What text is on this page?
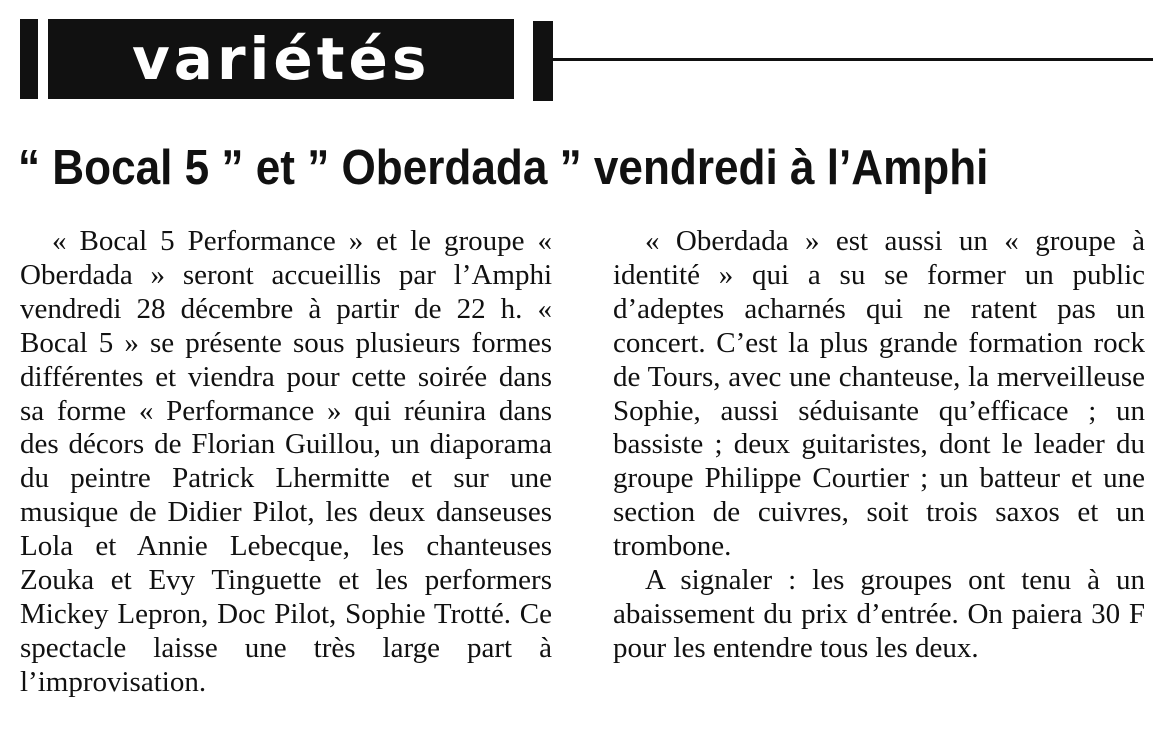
variétés
“ Bocal 5 ” et ” Oberdada ” vendredi à l’Amphi

« Bocal 5 Performance » et le groupe « Oberdada » seront accueillis par l’Amphi vendredi 28 décembre à partir de 22 h. « Bocal 5 » se présente sous plusieurs formes différentes et viendra pour cette soirée dans sa forme « Performance » qui réunira dans des décors de Florian Guillou, un diaporama du peintre Patrick Lhermitte et sur une musique de Didier Pilot, les deux danseuses Lola et Annie Lebecque, les chanteuses Zouka et Evy Tinguette et les performers Mickey Lepron, Doc Pilot, Sophie Trotté. Ce spectacle laisse une très large part à l’improvisation.

« Oberdada » est aussi un « groupe à identité » qui a su se former un public d’adeptes acharnés qui ne ratent pas un concert. C’est la plus grande formation rock de Tours, avec une chanteuse, la merveilleuse Sophie, aussi séduisante qu’efficace ; un bassiste ; deux guitaristes, dont le leader du groupe Philippe Courtier ; un batteur et une section de cuivres, soit trois saxos et un trombone.

A signaler : les groupes ont tenu à un abaissement du prix d’entrée. On paiera 30 F pour les entendre tous les deux.
